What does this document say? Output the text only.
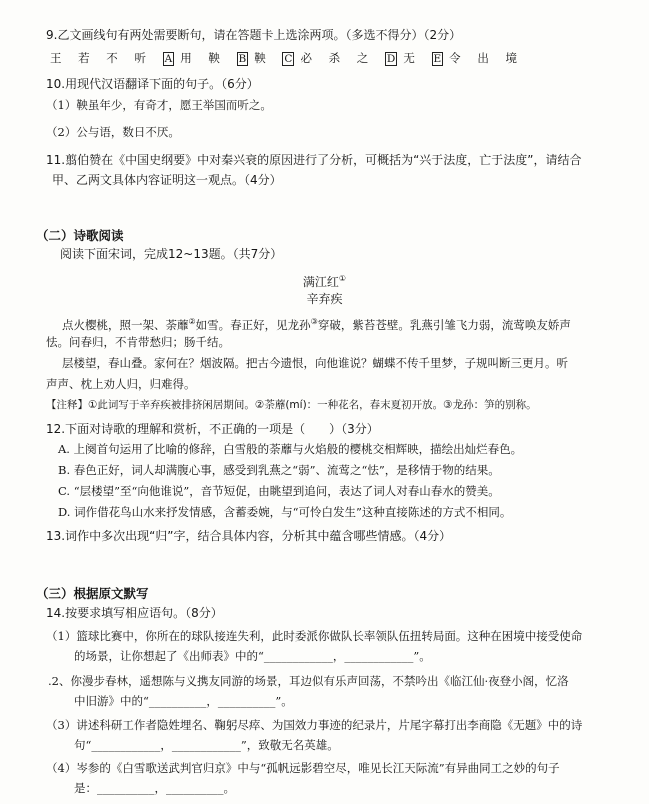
9.乙文画线句有两处需要断句，请在答题卡上选涂两项。（多选不得分）（2分）
王 若 不 听 A 用 鞅 B 鞅 C 必 杀 之 D 无 E 令 出 境
10.用现代汉语翻译下面的句子。（6分）
（1）鞅虽年少，有奇才，愿王举国而听之。
（2）公与语，数日不厌。
11.翦伯赞在《中国史纲要》中对秦兴衰的原因进行了分析，可概括为“兴于法度，亡于法度”，请结合
甲、乙两文具体内容证明这一观点。（4分）
（二）诗歌阅读
阅读下面宋词，完成12~13题。（共7分）
满江红①
辛弃疾
点火樱桃，照一架、荼蘼②如雪。春正好，见龙孙③穿破，紫苔苍壁。乳燕引雏飞力弱，流莺唤友娇声
怯。问春归，不肯带愁归；肠千结。
层楼望，春山叠。家何在？烟波隔。把古今遗恨，向他谁说？蝴蝶不传千里梦，子规叫断三更月。听
声声、枕上劝人归，归难得。
【注释】①此词写于辛弃疾被排挤闲居期间。②荼蘼(mí)：一种花名，春末夏初开放。③龙孙：笋的别称。
12.下面对诗歌的理解和赏析，不正确的一项是（　　）（3分）
A. 上阕首句运用了比喻的修辞，白雪般的荼蘼与火焰般的樱桃交相辉映，描绘出灿烂春色。
B. 春色正好，词人却满腹心事，感受到乳燕之“弱”、流莺之“怯”，是移情于物的结果。
C. “层楼望”至“向他谁说”，音节短促，由眺望到追问，表达了词人对春山春水的赞美。
D. 词作借花鸟山水来抒发情感，含蓄委婉，与“可怜白发生”这种直接陈述的方式不相同。
13.词作中多次出现“归”字，结合具体内容，分析其中蕴含哪些情感。（4分）
（三）根据原文默写
14.按要求填写相应语句。（8分）
（1）篮球比赛中，你所在的球队接连失利，此时委派你做队长率领队伍扭转局面。这种在困境中接受使命
的场景，让你想起了《出师表》中的“____________，____________”。
.2、你漫步春林，遥想陈与义携友同游的场景，耳边似有乐声回荡，不禁吟出《临江仙·夜登小阁，忆洛
中旧游》中的“__________，__________”。
（3）讲述科研工作者隐姓埋名、鞠躬尽瘁、为国效力事迹的纪录片，片尾字幕打出李商隐《无题》中的诗
句“____________，____________”，致敬无名英雄。
（4）岑参的《白雪歌送武判官归京》中与“孤帆远影碧空尽，唯见长江天际流”有异曲同工之妙的句子
是：__________，__________。
